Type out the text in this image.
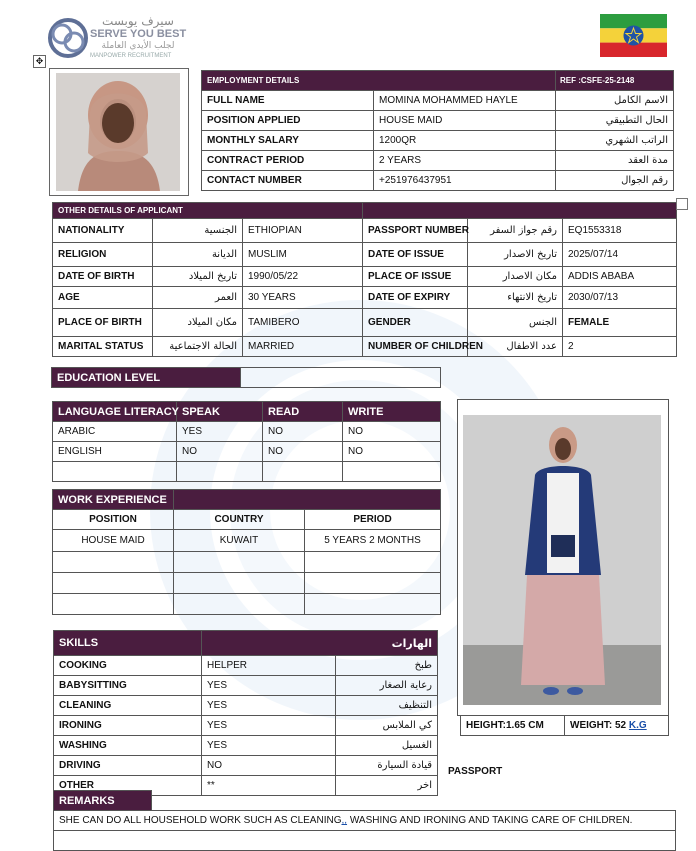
سيرف يوبست
SERVE YOU BEST
لجلب الأيدي العاملة
MANPOWER RECRUITMENT
✥
EMPLOYMENT DETAILS		REF :CSFE-25-2148

FULL NAME	MOMINA MOHAMMED HAYLE	الاسم الكامل
POSITION APPLIED	HOUSE MAID	الحال التطبيقي
MONTHLY SALARY	1200QR	الراتب الشهري
CONTRACT PERIOD	2 YEARS	مدة العقد
CONTACT NUMBER	+251976437951	رقم الجوال
OTHER DETAILS OF APPLICANT					
NATIONALITY	الجنسية	ETHIOPIAN	PASSPORT NUMBER	رقم جواز السفر	EQ1553318
RELIGION	الديانة	MUSLIM	DATE OF ISSUE	تاريخ الاصدار	2025/07/14
DATE OF BIRTH	تاريخ الميلاد	1990/05/22	PLACE OF ISSUE	مكان الاصدار	ADDIS ABABA
AGE	العمر	30 YEARS	DATE OF EXPIRY	تاريخ الانتهاء	2030/07/13
PLACE OF BIRTH	مكان الميلاد	TAMIBERO	GENDER	الجنس	FEMALE
MARITAL STATUS	الحالة الاجتماعية	MARRIED	NUMBER OF CHILDREN	عدد الاطفال	2
EDUCATION LEVEL	
LANGUAGE LITERACY	SPEAK	READ	WRITE
ARABIC	YES	NO	NO
ENGLISH	NO	NO	NO

WORK EXPERIENCE		
POSITION	COUNTRY	PERIOD
HOUSE MAID	KUWAIT	5 YEARS 2 MONTHS

SKILLS	الهارات	
COOKING	HELPER	طبخ
BABYSITTING	YES	رعاية الصغار
CLEANING	YES	التنظيف
IRONING	YES	كي الملابس
WASHING	YES	الغسيل
DRIVING	NO	قيادة السيارة
OTHER	**	اخر
HEIGHT:1.65 CM	WEIGHT: 52 K.G
PASSPORT
REMARKS	
SHE CAN DO ALL HOUSEHOLD WORK SUCH AS CLEANING,, WASHING AND IRONING AND TAKING CARE OF CHILDREN.
